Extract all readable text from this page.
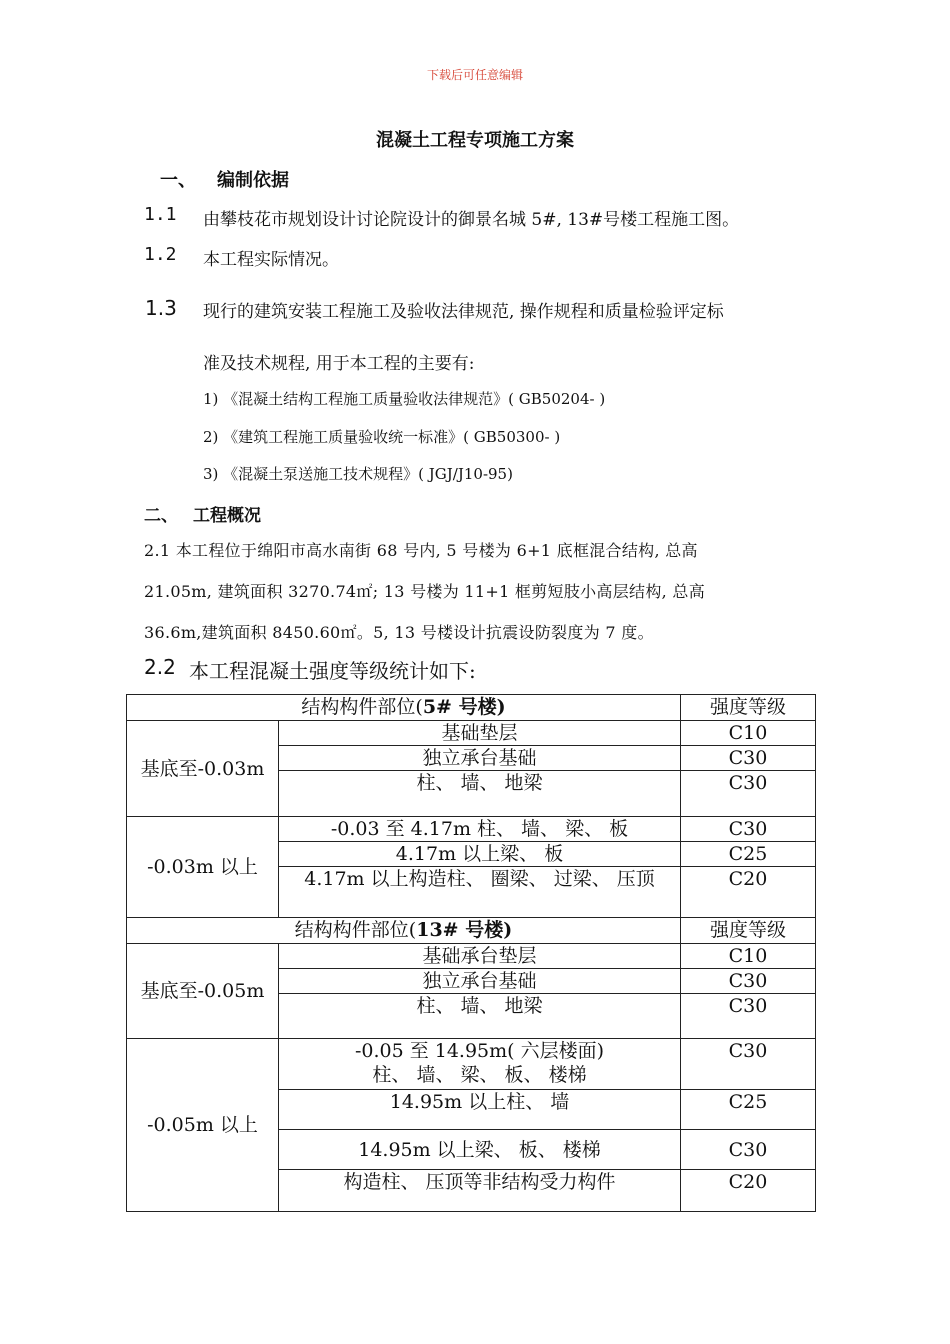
下载后可任意编辑
混凝土工程专项施工方案
一、 编制依据
1.1 由攀枝花市规划设计讨论院设计的御景名城 5#, 13#号楼工程施工图。
1.2 本工程实际情况。
1.3 现行的建筑安装工程施工及验收法律规范, 操作规程和质量检验评定标
准及技术规程, 用于本工程的主要有:
1) 《混凝土结构工程施工质量验收法律规范》( GB50204- )
2) 《建筑工程施工质量验收统一标准》( GB50300- )
3) 《混凝土泵送施工技术规程》( JGJ/J10-95)
二、 工程概况
2.1 本工程位于绵阳市高水南街 68 号内, 5 号楼为 6+1 底框混合结构, 总高
21.05m, 建筑面积 3270.74㎡; 13 号楼为 11+1 框剪短肢小高层结构, 总高
36.6m,建筑面积 8450.60㎡。5, 13 号楼设计抗震设防裂度为 7 度。
2.2 本工程混凝土强度等级统计如下:
结构构件部位(5# 号楼)		强度等级
基底至-0.03m	基础垫层	C10
	独立承台基础	C30
	柱、 墙、 地梁	C30
-0.03m 以上	-0.03 至 4.17m 柱、 墙、 梁、 板	C30
	4.17m 以上梁、 板	C25
	4.17m 以上构造柱、 圈梁、 过梁、 压顶	C20
结构构件部位(13# 号楼)		强度等级
基底至-0.05m	基础承台垫层	C10
	独立承台基础	C30
	柱、 墙、 地梁	C30
-0.05m 以上	-0.05 至 14.95m( 六层楼面) 柱、 墙、 梁、 板、 楼梯	C30
	14.95m 以上柱、 墙	C25
	14.95m 以上梁、 板、 楼梯	C30
	构造柱、 压顶等非结构受力构件	C20
